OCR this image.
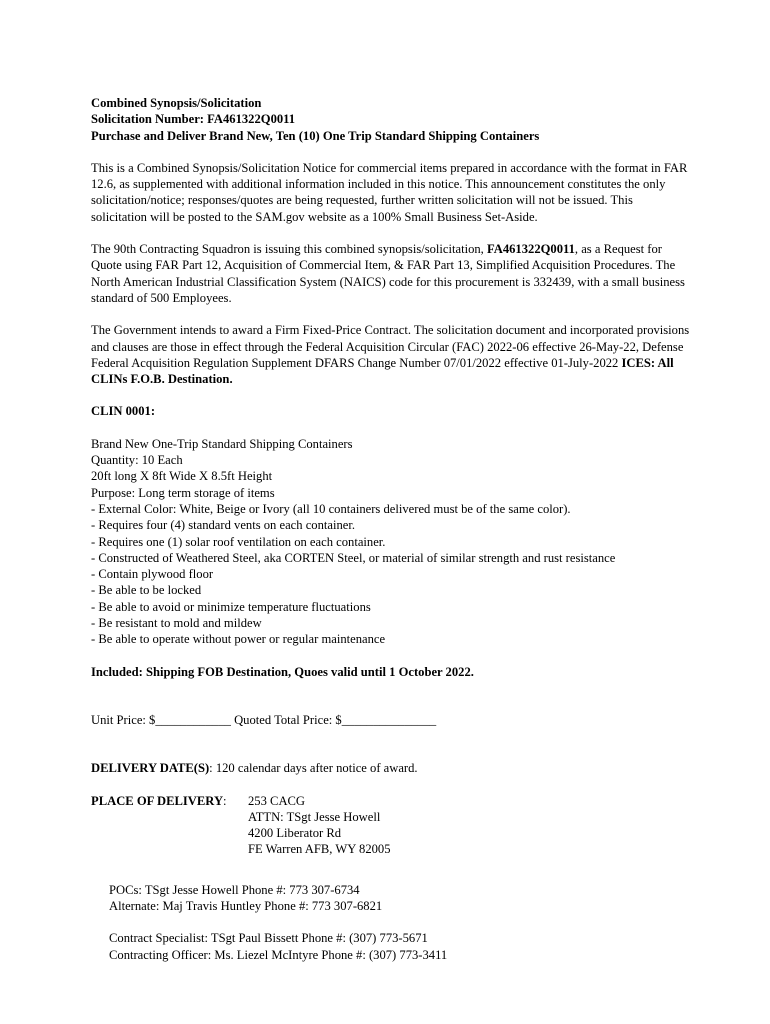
Combined Synopsis/Solicitation
Solicitation Number: FA461322Q0011
Purchase and Deliver Brand New, Ten (10) One Trip Standard Shipping Containers

This is a Combined Synopsis/Solicitation Notice for commercial items prepared in accordance with the format in FAR 12.6, as supplemented with additional information included in this notice. This announcement constitutes the only solicitation/notice; responses/quotes are being requested, further written solicitation will not be issued. This solicitation will be posted to the SAM.gov website as a 100% Small Business Set-Aside.

The 90th Contracting Squadron is issuing this combined synopsis/solicitation, FA461322Q0011, as a Request for Quote using FAR Part 12, Acquisition of Commercial Item, & FAR Part 13, Simplified Acquisition Procedures. The North American Industrial Classification System (NAICS) code for this procurement is 332439, with a small business standard of 500 Employees.

The Government intends to award a Firm Fixed-Price Contract. The solicitation document and incorporated provisions and clauses are those in effect through the Federal Acquisition Circular (FAC) 2022-06 effective 26-May-22, Defense Federal Acquisition Regulation Supplement DFARS Change Number 07/01/2022 effective 01-July-2022 ICES: All CLINs F.O.B. Destination.

CLIN 0001:

Brand New One-Trip Standard Shipping Containers
Quantity: 10 Each
20ft long X 8ft Wide X 8.5ft Height
Purpose: Long term storage of items
- External Color: White, Beige or Ivory (all 10 containers delivered must be of the same color).
- Requires four (4) standard vents on each container.
- Requires one (1) solar roof ventilation on each container.
- Constructed of Weathered Steel, aka CORTEN Steel, or material of similar strength and rust resistance
- Contain plywood floor
- Be able to be locked
- Be able to avoid or minimize temperature fluctuations
- Be resistant to mold and mildew
- Be able to operate without power or regular maintenance

Included: Shipping FOB Destination, Quoes valid until 1 October 2022.

Unit Price: $____________ Quoted Total Price: $_______________

DELIVERY DATE(S): 120 calendar days after notice of award.

PLACE OF DELIVERY:	253 CACG
ATTN: TSgt Jesse Howell
4200 Liberator Rd
FE Warren AFB, WY 82005
POCs: TSgt Jesse Howell Phone #: 773 307-6734
Alternate: Maj Travis Huntley Phone #: 773 307-6821
Contract Specialist: TSgt Paul Bissett Phone #: (307) 773-5671
Contracting Officer: Ms. Liezel McIntyre Phone #: (307) 773-3411
